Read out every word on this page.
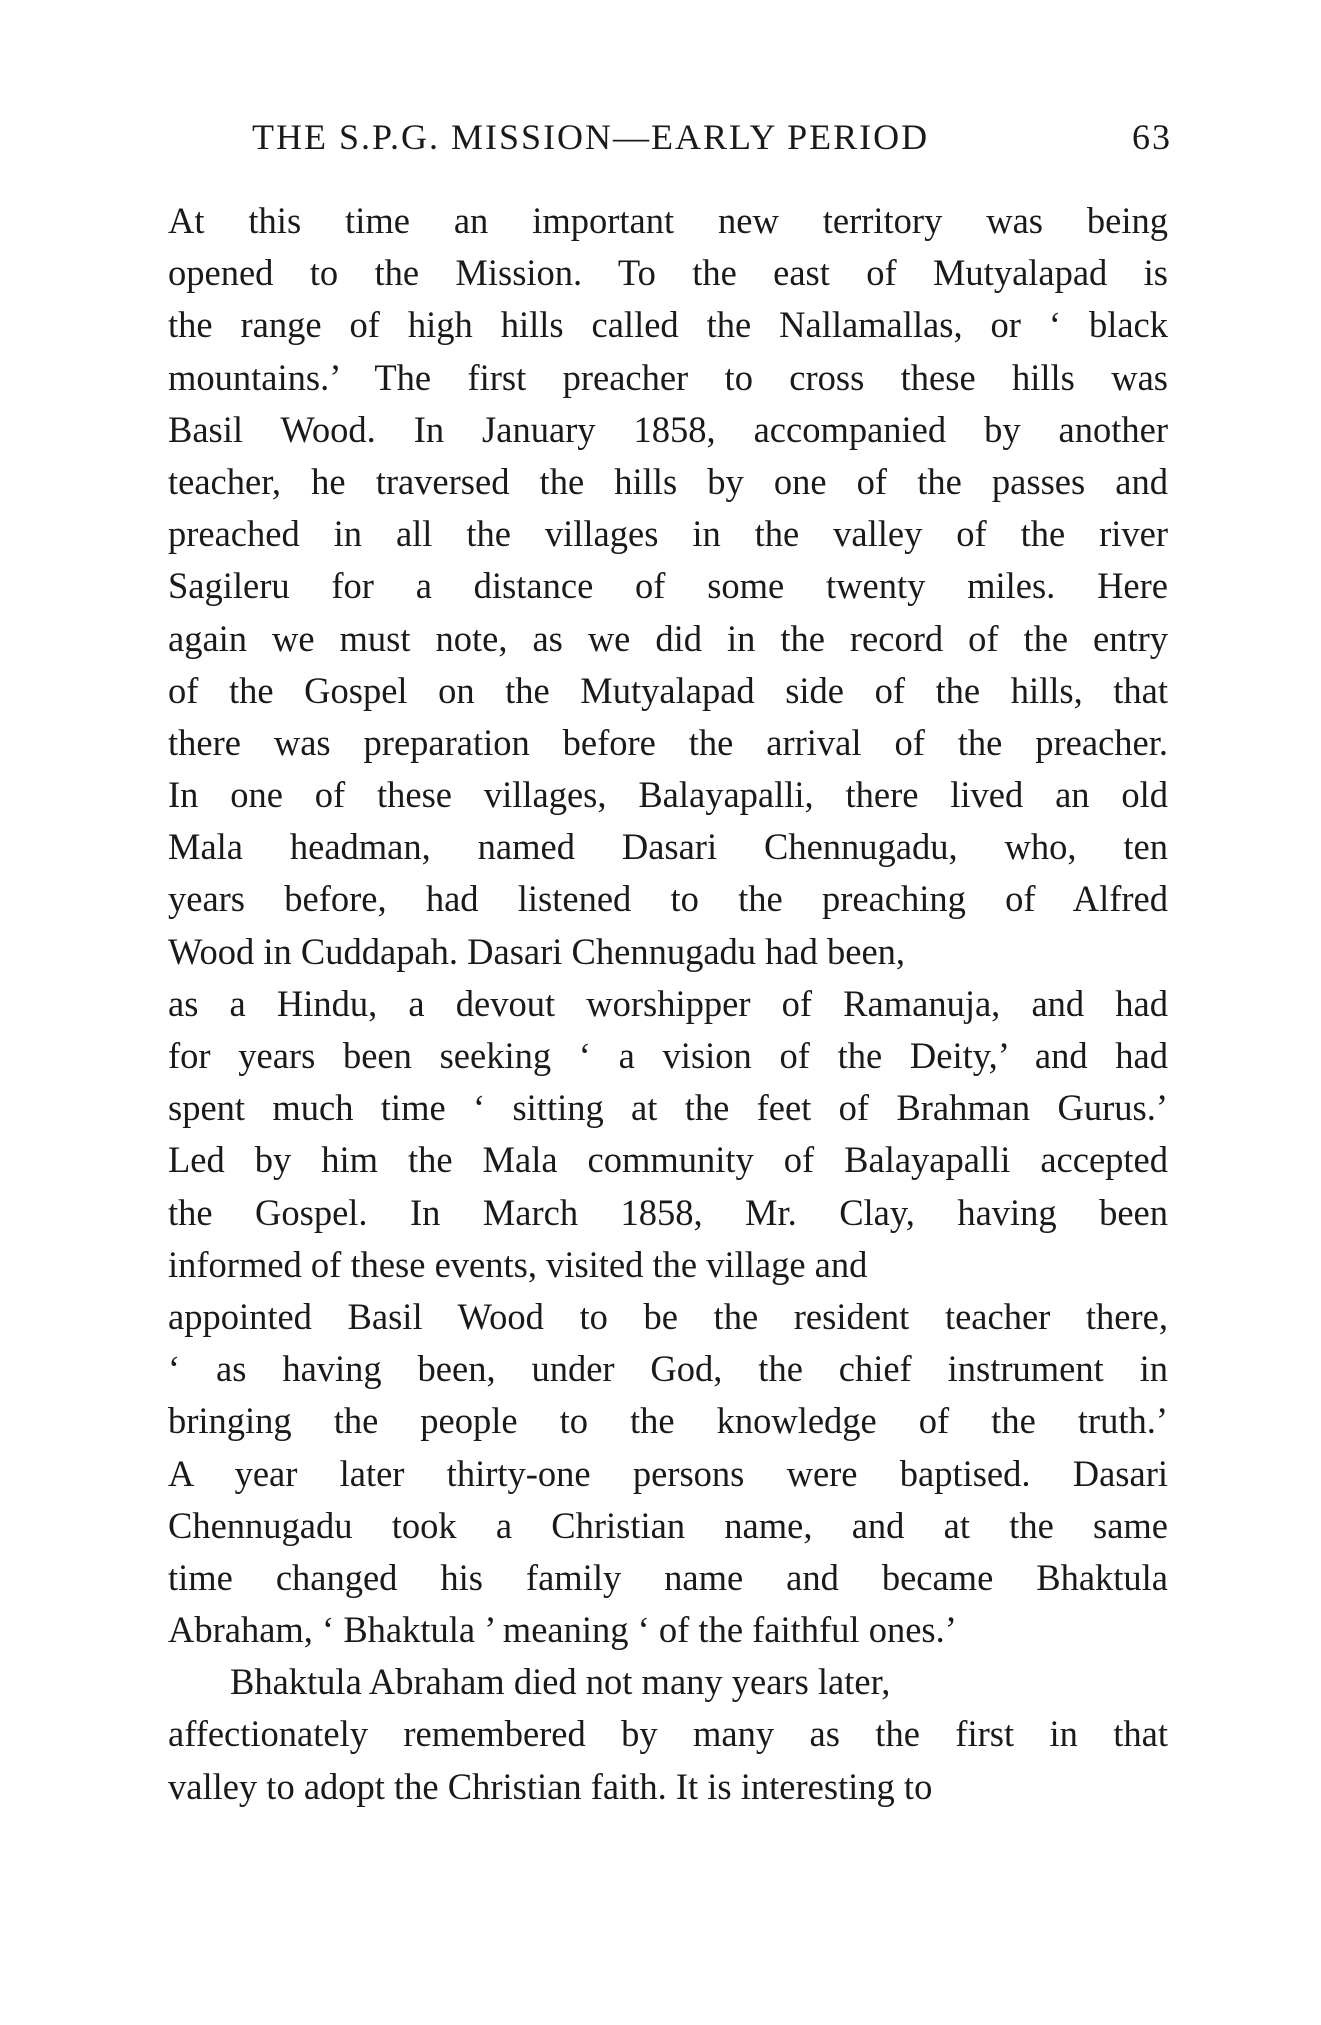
THE S.P.G. MISSION—EARLY PERIOD	63
At this time an important new territory was being
opened to the Mission. To the east of Mutyalapad is
the range of high hills called the Nallamallas, or ‘ black
mountains.’ The first preacher to cross these hills was
Basil Wood. In January 1858, accompanied by another
teacher, he traversed the hills by one of the passes and
preached in all the villages in the valley of the river
Sagileru for a distance of some twenty miles. Here
again we must note, as we did in the record of the entry
of the Gospel on the Mutyalapad side of the hills, that
there was preparation before the arrival of the preacher.
In one of these villages, Balayapalli, there lived an old
Mala headman, named Dasari Chennugadu, who, ten
years before, had listened to the preaching of Alfred
Wood in Cuddapah. Dasari Chennugadu had been,
as a Hindu, a devout worshipper of Ramanuja, and had
for years been seeking ‘ a vision of the Deity,’ and had
spent much time ‘ sitting at the feet of Brahman Gurus.’
Led by him the Mala community of Balayapalli accepted
the Gospel. In March 1858, Mr. Clay, having been
informed of these events, visited the village and
appointed Basil Wood to be the resident teacher there,
‘ as having been, under God, the chief instrument in
bringing the people to the knowledge of the truth.’
A year later thirty-one persons were baptised. Dasari
Chennugadu took a Christian name, and at the same
time changed his family name and became Bhaktula
Abraham, ‘ Bhaktula ’ meaning ‘ of the faithful ones.’
Bhaktula Abraham died not many years later,
affectionately remembered by many as the first in that
valley to adopt the Christian faith. It is interesting to
